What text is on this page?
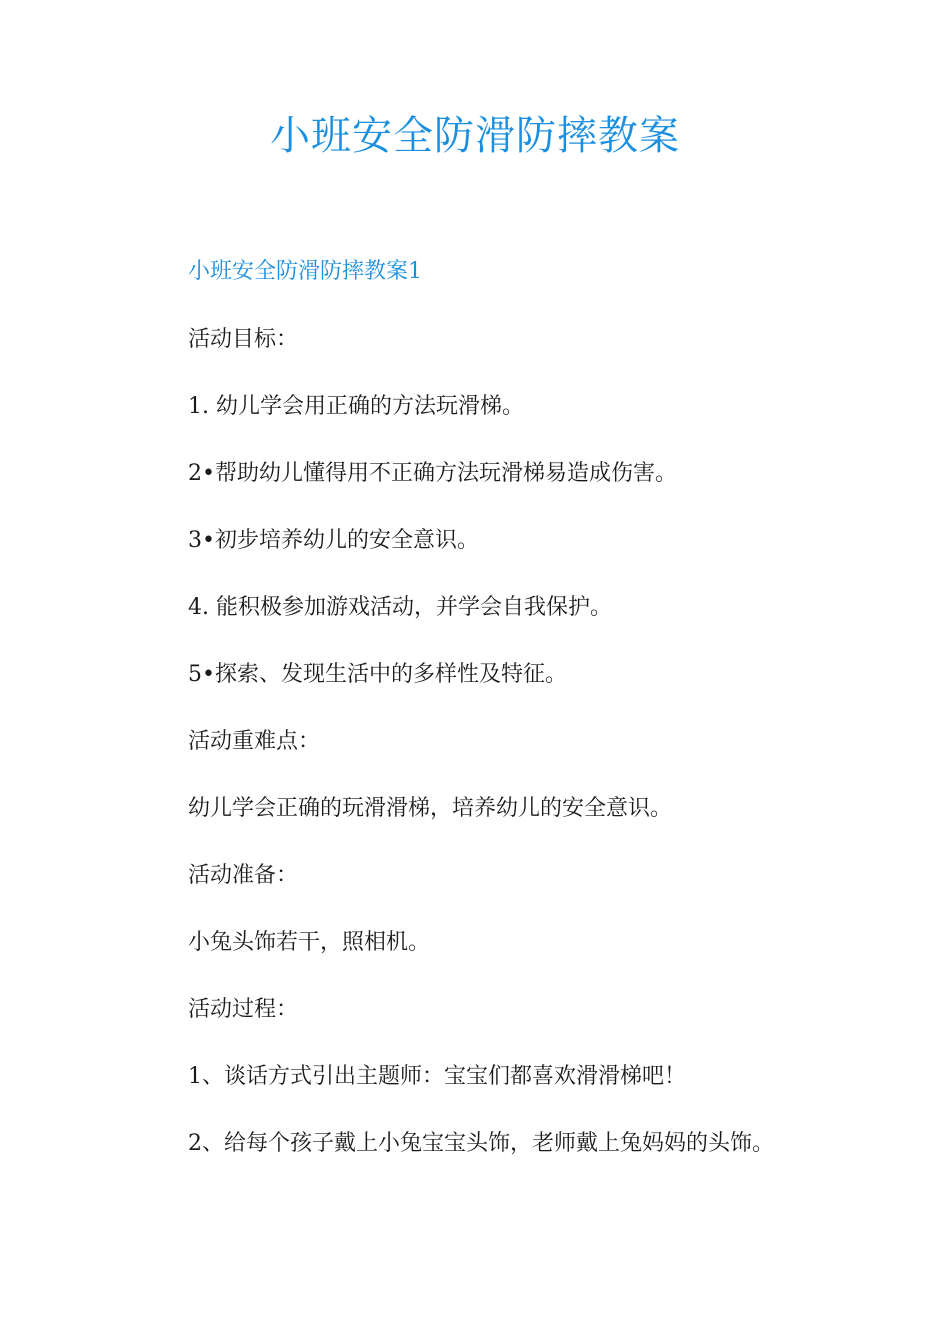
小班安全防滑防摔教案
小班安全防滑防摔教案1

活动目标：

1. 幼儿学会用正确的方法玩滑梯。

2•帮助幼儿懂得用不正确方法玩滑梯易造成伤害。

3•初步培养幼儿的安全意识。

4. 能积极参加游戏活动，并学会自我保护。

5•探索、发现生活中的多样性及特征。

活动重难点：

幼儿学会正确的玩滑滑梯，培养幼儿的安全意识。

活动准备：

小兔头饰若干，照相机。

活动过程：

1、谈话方式引出主题师：宝宝们都喜欢滑滑梯吧！

2、给每个孩子戴上小兔宝宝头饰，老师戴上兔妈妈的头饰。
